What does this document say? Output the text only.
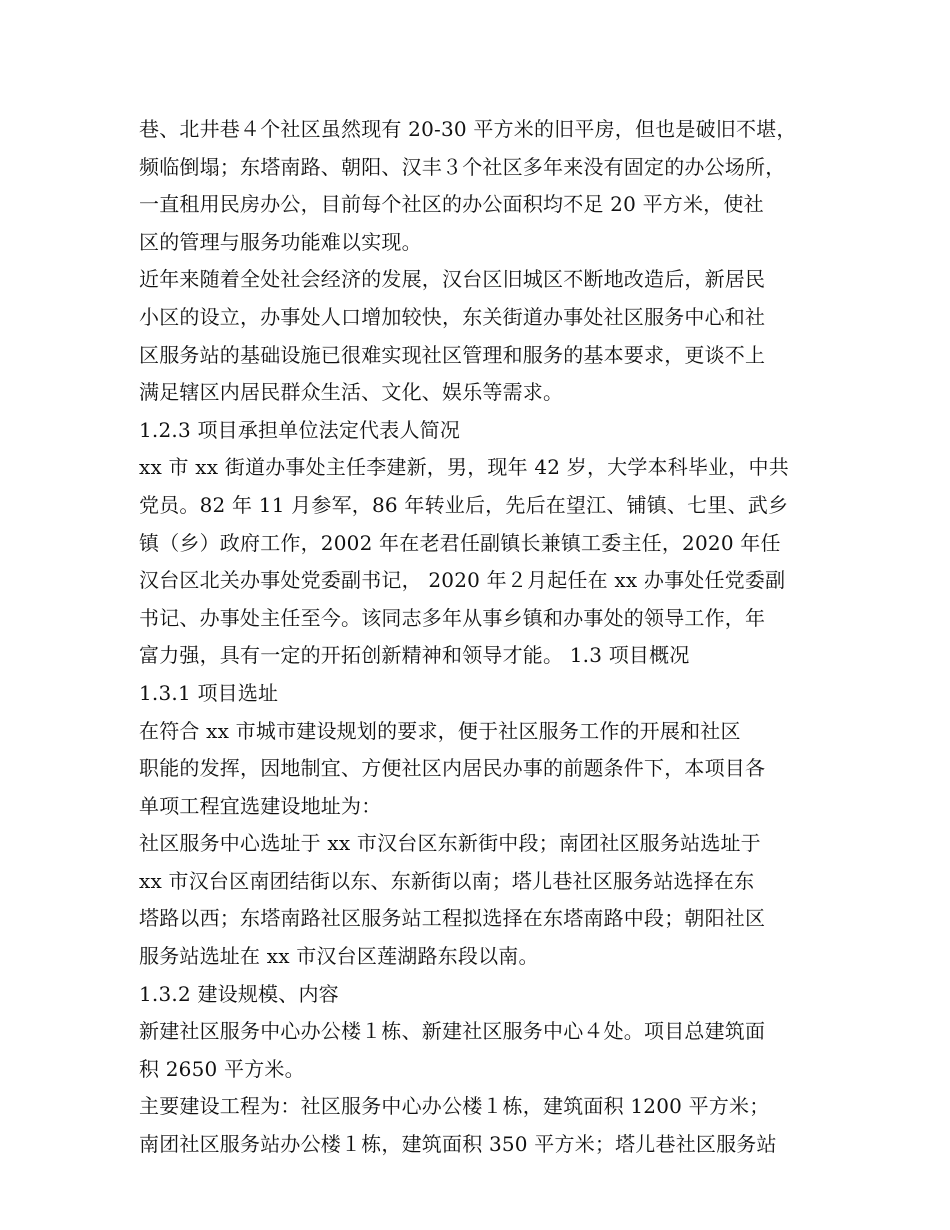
巷、北井巷４个社区虽然现有 20-30 平方米的旧平房，但也是破旧不堪，
频临倒塌；东塔南路、朝阳、汉丰３个社区多年来没有固定的办公场所，
一直租用民房办公，目前每个社区的办公面积均不足 20 平方米，使社
区的管理与服务功能难以实现。
近年来随着全处社会经济的发展，汉台区旧城区不断地改造后，新居民
小区的设立，办事处人口增加较快，东关街道办事处社区服务中心和社
区服务站的基础设施已很难实现社区管理和服务的基本要求，更谈不上
满足辖区内居民群众生活、文化、娱乐等需求。
1.2.3 项目承担单位法定代表人简况
xx 市 xx 街道办事处主任李建新，男，现年 42 岁，大学本科毕业，中共
党员。82 年 11 月参军，86 年转业后，先后在望江、铺镇、七里、武乡
镇（乡）政府工作，2002 年在老君任副镇长兼镇工委主任，2020 年任
汉台区北关办事处党委副书记， 2020 年２月起任在 xx 办事处任党委副
书记、办事处主任至今。该同志多年从事乡镇和办事处的领导工作，年
富力强，具有一定的开拓创新精神和领导才能。 1.3 项目概况
1.3.1 项目选址
在符合 xx 市城市建设规划的要求，便于社区服务工作的开展和社区
职能的发挥，因地制宜、方便社区内居民办事的前题条件下，本项目各
单项工程宜选建设地址为：
社区服务中心选址于 xx 市汉台区东新街中段；南团社区服务站选址于
xx 市汉台区南团结街以东、东新街以南；塔儿巷社区服务站选择在东
塔路以西；东塔南路社区服务站工程拟选择在东塔南路中段；朝阳社区
服务站选址在 xx 市汉台区莲湖路东段以南。
1.3.2 建设规模、内容
新建社区服务中心办公楼１栋、新建社区服务中心４处。项目总建筑面
积 2650 平方米。
主要建设工程为：社区服务中心办公楼１栋，建筑面积 1200 平方米；
南团社区服务站办公楼１栋，建筑面积 350 平方米；塔儿巷社区服务站
